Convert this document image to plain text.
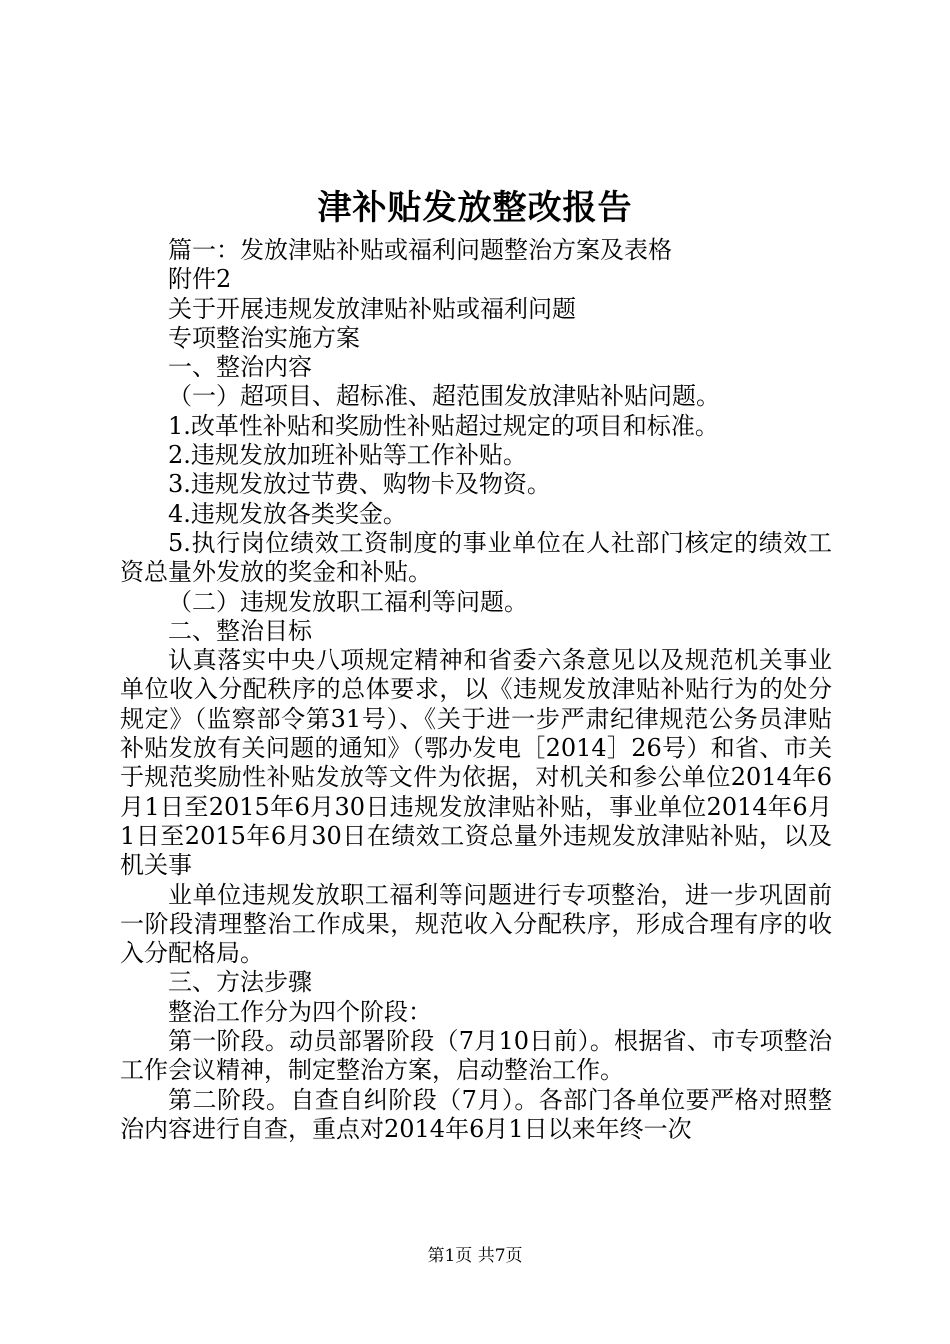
津补贴发放整改报告

篇一：发放津贴补贴或福利问题整治方案及表格

附件2

关于开展违规发放津贴补贴或福利问题

专项整治实施方案

一、整治内容

（一）超项目、超标准、超范围发放津贴补贴问题。

1.改革性补贴和奖励性补贴超过规定的项目和标准。

2.违规发放加班补贴等工作补贴。

3.违规发放过节费、购物卡及物资。

4.违规发放各类奖金。

5.执行岗位绩效工资制度的事业单位在人社部门核定的绩效工资总量外发放的奖金和补贴。

（二）违规发放职工福利等问题。

二、整治目标

认真落实中央八项规定精神和省委六条意见以及规范机关事业单位收入分配秩序的总体要求，以《违规发放津贴补贴行为的处分规定》（监察部令第31号）、《关于进一步严肃纪律规范公务员津贴补贴发放有关问题的通知》（鄂办发电［2014］26号）和省、市关于规范奖励性补贴发放等文件为依据，对机关和参公单位2014年6月1日至2015年6月30日违规发放津贴补贴，事业单位2014年6月1日至2015年6月30日在绩效工资总量外违规发放津贴补贴，以及机关事

业单位违规发放职工福利等问题进行专项整治，进一步巩固前一阶段清理整治工作成果，规范收入分配秩序，形成合理有序的收入分配格局。

三、方法步骤

整治工作分为四个阶段：

第一阶段。动员部署阶段（7月10日前）。根据省、市专项整治工作会议精神，制定整治方案，启动整治工作。

第二阶段。自查自纠阶段（7月）。各部门各单位要严格对照整治内容进行自查，重点对2014年6月1日以来年终一次

第1页 共7页
